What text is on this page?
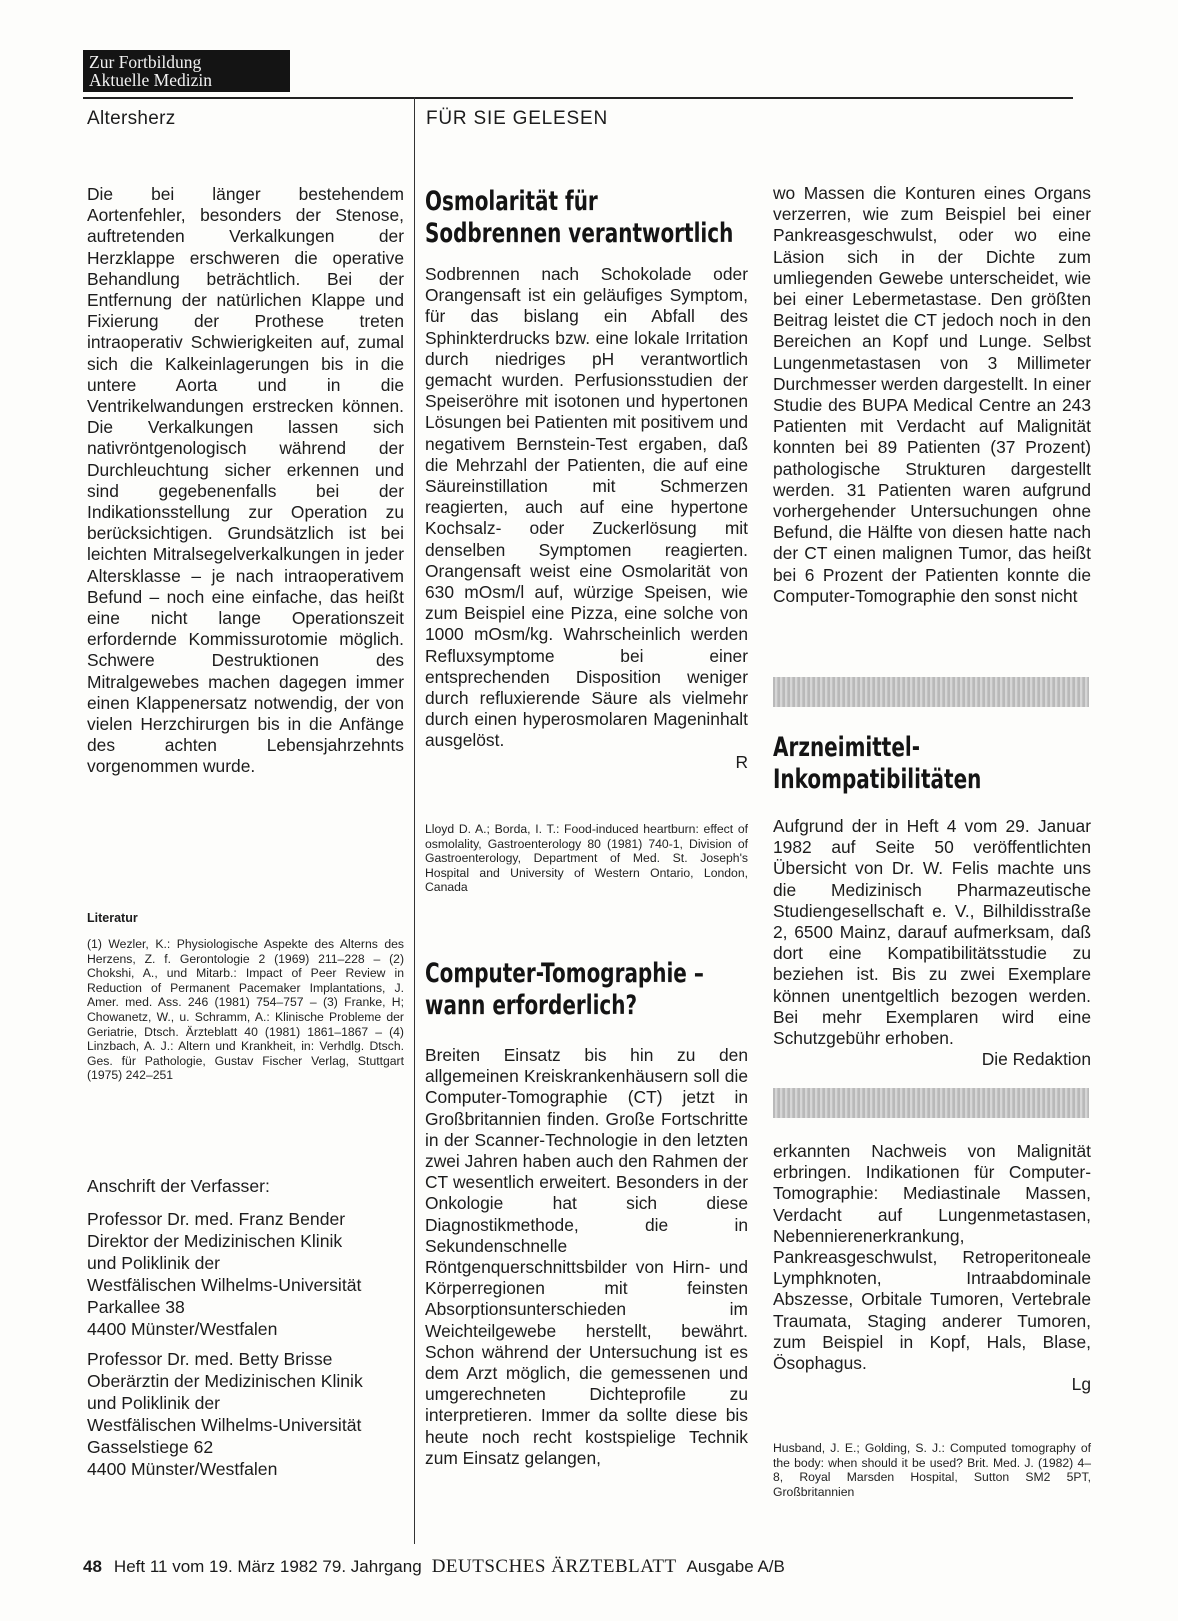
Zur Fortbildung
Aktuelle Medizin
Altersherz	FÜR SIE GELESEN
Die bei länger bestehendem Aortenfehler, besonders der Stenose, auftretenden Verkalkungen der Herzklappe erschweren die operative Behandlung beträchtlich. Bei der Entfernung der natürlichen Klappe und Fixierung der Prothese treten intraoperativ Schwierigkeiten auf, zumal sich die Kalkeinlagerungen bis in die untere Aorta und in die Ventrikelwandungen erstrecken können. Die Verkalkungen lassen sich nativröntgenologisch während der Durchleuchtung sicher erkennen und sind gegebenenfalls bei der Indikationsstellung zur Operation zu berücksichtigen. Grundsätzlich ist bei leichten Mitralsegelverkalkungen in jeder Altersklasse – je nach intraoperativem Befund – noch eine einfache, das heißt eine nicht lange Operationszeit erfordernde Kommissurotomie möglich. Schwere Destruktionen des Mitralgewebes machen dagegen immer einen Klappenersatz notwendig, der von vielen Herzchirurgen bis in die Anfänge des achten Lebensjahrzehnts vorgenommen wurde.
Literatur
(1) Wezler, K.: Physiologische Aspekte des Alterns des Herzens, Z. f. Gerontologie 2 (1969) 211–228 – (2) Chokshi, A., und Mitarb.: Impact of Peer Review in Reduction of Permanent Pacemaker Implantations, J. Amer. med. Ass. 246 (1981) 754–757 – (3) Franke, H; Chowanetz, W., u. Schramm, A.: Klinische Probleme der Geriatrie, Dtsch. Ärzteblatt 40 (1981) 1861–1867 – (4) Linzbach, A. J.: Altern und Krankheit, in: Verhdlg. Dtsch. Ges. für Pathologie, Gustav Fischer Verlag, Stuttgart (1975) 242–251
Anschrift der Verfasser:
Professor Dr. med. Franz Bender
Direktor der Medizinischen Klinik
und Poliklinik der
Westfälischen Wilhelms-Universität
Parkallee 38
4400 Münster/Westfalen
Professor Dr. med. Betty Brisse
Oberärztin der Medizinischen Klinik
und Poliklinik der
Westfälischen Wilhelms-Universität
Gasselstiege 62
4400 Münster/Westfalen
Osmolarität für
Sodbrennen verantwortlich

Sodbrennen nach Schokolade oder Orangensaft ist ein geläufiges Symptom, für das bislang ein Abfall des Sphinkterdrucks bzw. eine lokale Irritation durch niedriges pH verantwortlich gemacht wurden. Perfusionsstudien der Speiseröhre mit isotonen und hypertonen Lösungen bei Patienten mit positivem und negativem Bernstein-Test ergaben, daß die Mehrzahl der Patienten, die auf eine Säureinstillation mit Schmerzen reagierten, auch auf eine hypertone Kochsalz- oder Zuckerlösung mit denselben Symptomen reagierten. Orangensaft weist eine Osmolarität von 630 mOsm/l auf, würzige Speisen, wie zum Beispiel eine Pizza, eine solche von 1000 mOsm/kg. Wahrscheinlich werden Refluxsymptome bei einer entsprechenden Disposition weniger durch refluxierende Säure als vielmehr durch einen hyperosmolaren Mageninhalt ausgelöst.

R
Lloyd D. A.; Borda, I. T.: Food-induced heartburn: effect of osmolality, Gastroenterology 80 (1981) 740-1, Division of Gastroenterology, Department of Med. St. Joseph's Hospital and University of Western Ontario, London, Canada
Computer-Tomographie –
wann erforderlich?
Breiten Einsatz bis hin zu den allgemeinen Kreiskrankenhäusern soll die Computer-Tomographie (CT) jetzt in Großbritannien finden. Große Fortschritte in der Scanner-Technologie in den letzten zwei Jahren haben auch den Rahmen der CT wesentlich erweitert. Besonders in der Onkologie hat sich diese Diagnostikmethode, die in Sekundenschnelle Röntgenquerschnittsbilder von Hirn- und Körperregionen mit feinsten Absorptionsunterschieden im Weichteilgewebe herstellt, bewährt. Schon während der Untersuchung ist es dem Arzt möglich, die gemessenen und umgerechneten Dichteprofile zu interpretieren. Immer da sollte diese bis heute noch recht kostspielige Technik zum Einsatz gelangen,
wo Massen die Konturen eines Organs verzerren, wie zum Beispiel bei einer Pankreasgeschwulst, oder wo eine Läsion sich in der Dichte zum umliegenden Gewebe unterscheidet, wie bei einer Lebermetastase. Den größten Beitrag leistet die CT jedoch noch in den Bereichen an Kopf und Lunge. Selbst Lungenmetastasen von 3 Millimeter Durchmesser werden dargestellt. In einer Studie des BUPA Medical Centre an 243 Patienten mit Verdacht auf Malignität konnten bei 89 Patienten (37 Prozent) pathologische Strukturen dargestellt werden. 31 Patienten waren aufgrund vorhergehender Untersuchungen ohne Befund, die Hälfte von diesen hatte nach der CT einen malignen Tumor, das heißt bei 6 Prozent der Patienten konnte die Computer-Tomographie den sonst nicht
Arzneimittel-
Inkompatibilitäten

Aufgrund der in Heft 4 vom 29. Januar 1982 auf Seite 50 veröffentlichten Übersicht von Dr. W. Felis machte uns die Medizinisch Pharmazeutische Studiengesellschaft e. V., Bilhildisstraße 2, 6500 Mainz, darauf aufmerksam, daß dort eine Kompatibilitätsstudie zu beziehen ist. Bis zu zwei Exemplare können unentgeltlich bezogen werden. Bei mehr Exemplaren wird eine Schutzgebühr erhoben.

Die Redaktion

erkannten Nachweis von Malignität erbringen. Indikationen für Computer-Tomographie: Mediastinale Massen, Verdacht auf Lungenmetastasen, Nebennierenerkrankung, Pankreasgeschwulst, Retroperitoneale Lymphknoten, Intraabdominale Abszesse, Orbitale Tumoren, Vertebrale Traumata, Staging anderer Tumoren, zum Beispiel in Kopf, Hals, Blase, Ösophagus.

Lg
Husband, J. E.; Golding, S. J.: Computed tomography of the body: when should it be used? Brit. Med. J. (1982) 4–8, Royal Marsden Hospital, Sutton SM2 5PT, Großbritannien
48 Heft 11 vom 19. März 1982 79. Jahrgang DEUTSCHES ÄRZTEBLATT Ausgabe A/B
